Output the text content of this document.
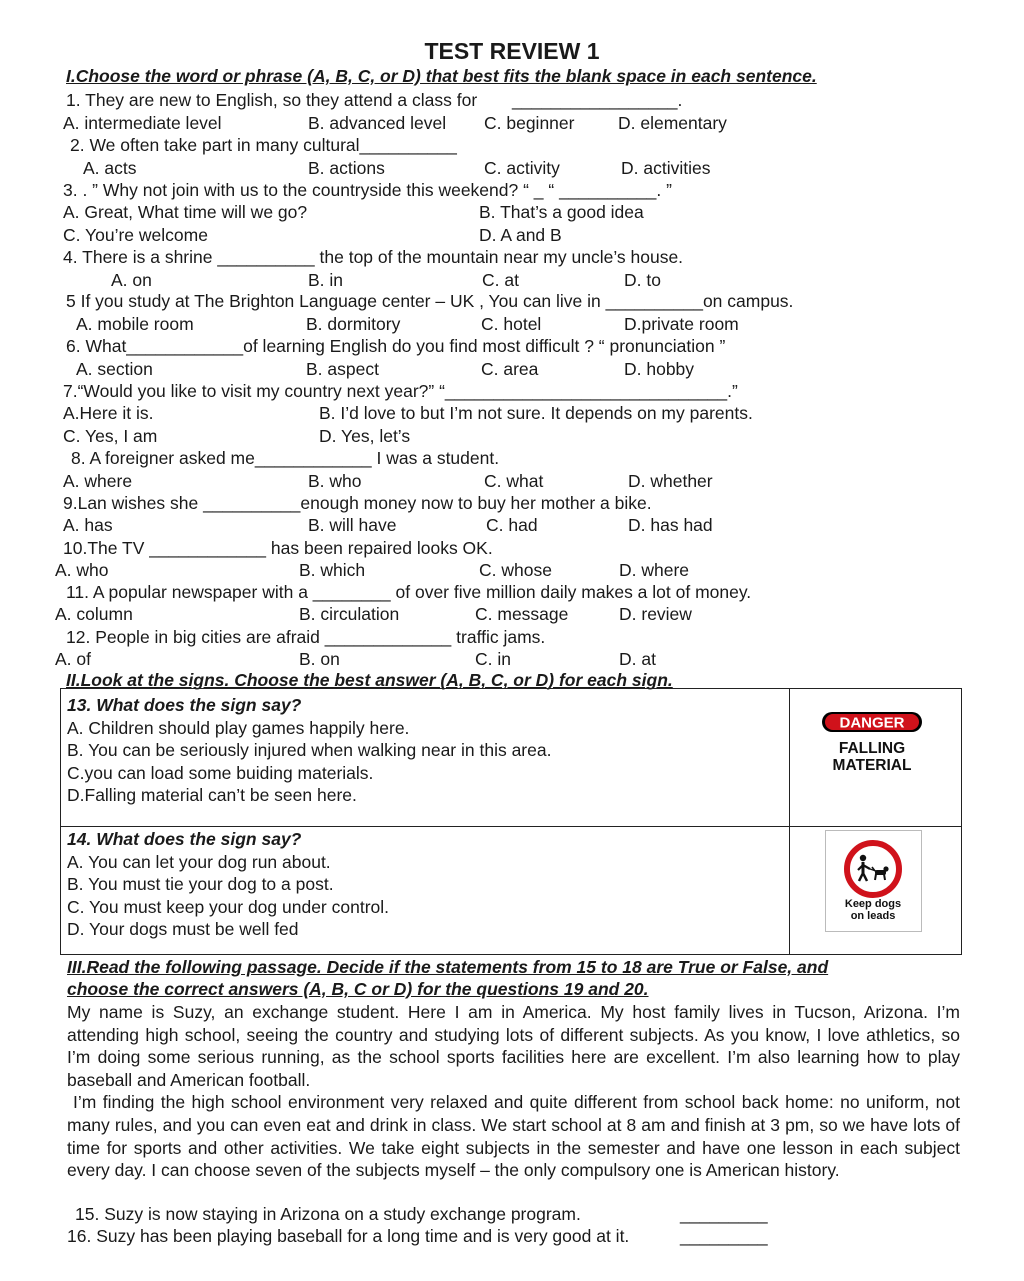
TEST REVIEW 1
I.Choose the word or phrase (A, B, C, or D) that best fits the blank space in each sentence.
1. They are new to English, so they attend a class for _________________.
A. intermediate level	B. advanced level C. beginner D. elementary
2. We often take part in many cultural__________
A. acts	B. actions	C. activity	D. activities
3. . ” Why not join with us to the countryside this weekend? “ _ “ __________. ”
A. Great, What time will we go?	B. That’s a good idea
C. You’re welcome	D. A and B
4. There is a shrine __________ the top of the mountain near my uncle’s house.
A. on	B. in	C. at	D. to
5 If you study at The Brighton Language center – UK , You can live in __________on campus.
A. mobile room	B. dormitory	C. hotel	D.private room
6. What____________of learning English do you find most difficult ? “ pronunciation ”
A. section	B. aspect	C. area	D. hobby
7.“Would you like to visit my country next year?” “_____________________________.”
A.Here it is.	B. I’d love to but I’m not sure. It depends on my parents.
C. Yes, I am	D. Yes, let’s
8. A foreigner asked me____________ I was a student.
A. where	B. who	C. what	D. whether
9.Lan wishes she __________enough money now to buy her mother a bike.
A. has	B. will have	C. had	D. has had
10.The TV ____________ has been repaired looks OK.
A. who	B. which	C. whose	D. where
11. A popular newspaper with a ________ of over five million daily makes a lot of money.
A. column	B. circulation	C. message	D. review
12. People in big cities are afraid _____________ traffic jams.
A. of	B. on	C. in	D. at
II.Look at the signs. Choose the best answer (A, B, C, or D) for each sign.
13. What does the sign say?
A. Children should play games happily here.
B. You can be seriously injured when walking near in this area.
C.you can load some buiding materials.
D.Falling material can’t be seen here.
DANGER
FALLING
MATERIAL
14. What does the sign say?
A. You can let your dog run about.
B. You must tie your dog to a post.
C. You must keep your dog under control.
D. Your dogs must be well fed
Keep dogs
on leads
III.Read the following passage. Decide if the statements from 15 to 18 are True or False, and
choose the correct answers (A, B, C or D) for the questions 19 and 20.
My name is Suzy, an exchange student. Here I am in America. My host family lives in Tucson, Arizona. I’m attending high school, seeing the country and studying lots of different subjects. As you know, I love athletics, so I’m doing some serious running, as the school sports facilities here are excellent. I’m also learning how to play baseball and American football.
I’m finding the high school environment very relaxed and quite different from school back home: no uniform, not many rules, and you can even eat and drink in class. We start school at 8 am and finish at 3 pm, so we have lots of time for sports and other activities. We take eight subjects in the semester and have one lesson in each subject every day. I can choose seven of the subjects myself – the only compulsory one is American history.
15. Suzy is now staying in Arizona on a study exchange program.	_________
16. Suzy has been playing baseball for a long time and is very good at it.	_________
